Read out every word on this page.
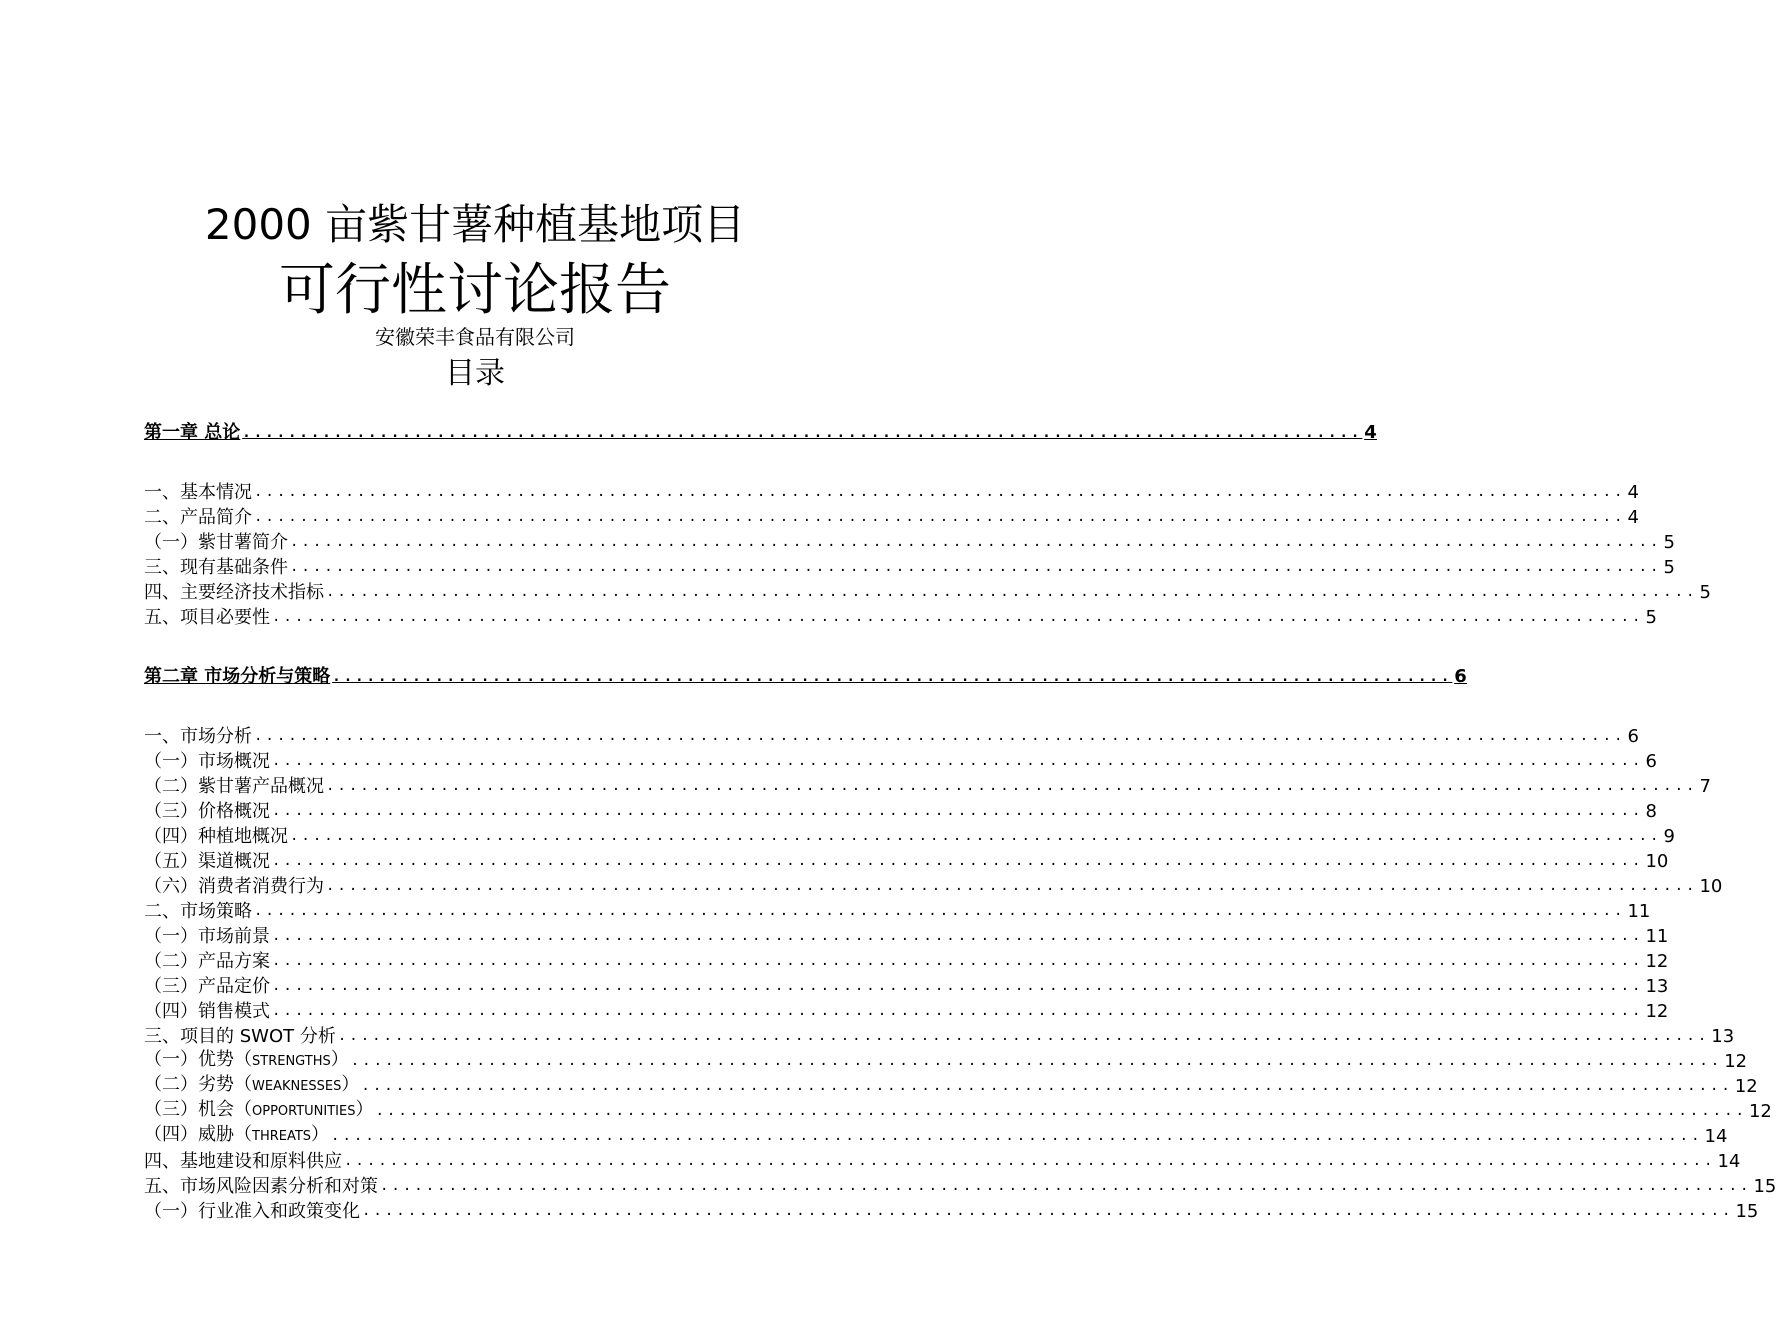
2000 亩紫甘薯种植基地项目
可行性讨论报告
安徽荣丰食品有限公司
目录
第一章 总论 .................................................................................................. 4
一、基本情况 ........................................................................................................................ 4
二、产品简介 ........................................................................................................................ 4
（一）紫甘薯简介 ........................................................................................................................ 5
三、现有基础条件 ........................................................................................................................ 5
四、主要经济技术指标 ........................................................................................................................ 5
五、项目必要性 ........................................................................................................................ 5
第二章 市场分析与策略 .................................................................................................. 6
一、市场分析 ........................................................................................................................ 6
（一）市场概况 ........................................................................................................................ 6
（二）紫甘薯产品概况 ........................................................................................................................ 7
（三）价格概况 ........................................................................................................................ 8
（四）种植地概况 ........................................................................................................................ 9
（五）渠道概况 ........................................................................................................................ 10
（六）消费者消费行为 ........................................................................................................................ 10
二、市场策略 ........................................................................................................................ 11
（一）市场前景 ........................................................................................................................ 11
（二）产品方案 ........................................................................................................................ 12
（三）产品定价 ........................................................................................................................ 13
（四）销售模式 ........................................................................................................................ 12
三、项目的 SWOT 分析 ........................................................................................................................ 13
（一）优势（STRENGTHS） ........................................................................................................................ 12
（二）劣势（WEAKNESSES） ........................................................................................................................ 12
（三）机会（OPPORTUNITIES） ........................................................................................................................ 12
（四）威胁（THREATS） ........................................................................................................................ 14
四、基地建设和原料供应 ........................................................................................................................ 14
五、市场风险因素分析和对策 ........................................................................................................................ 15
（一）行业准入和政策变化 ........................................................................................................................ 15
